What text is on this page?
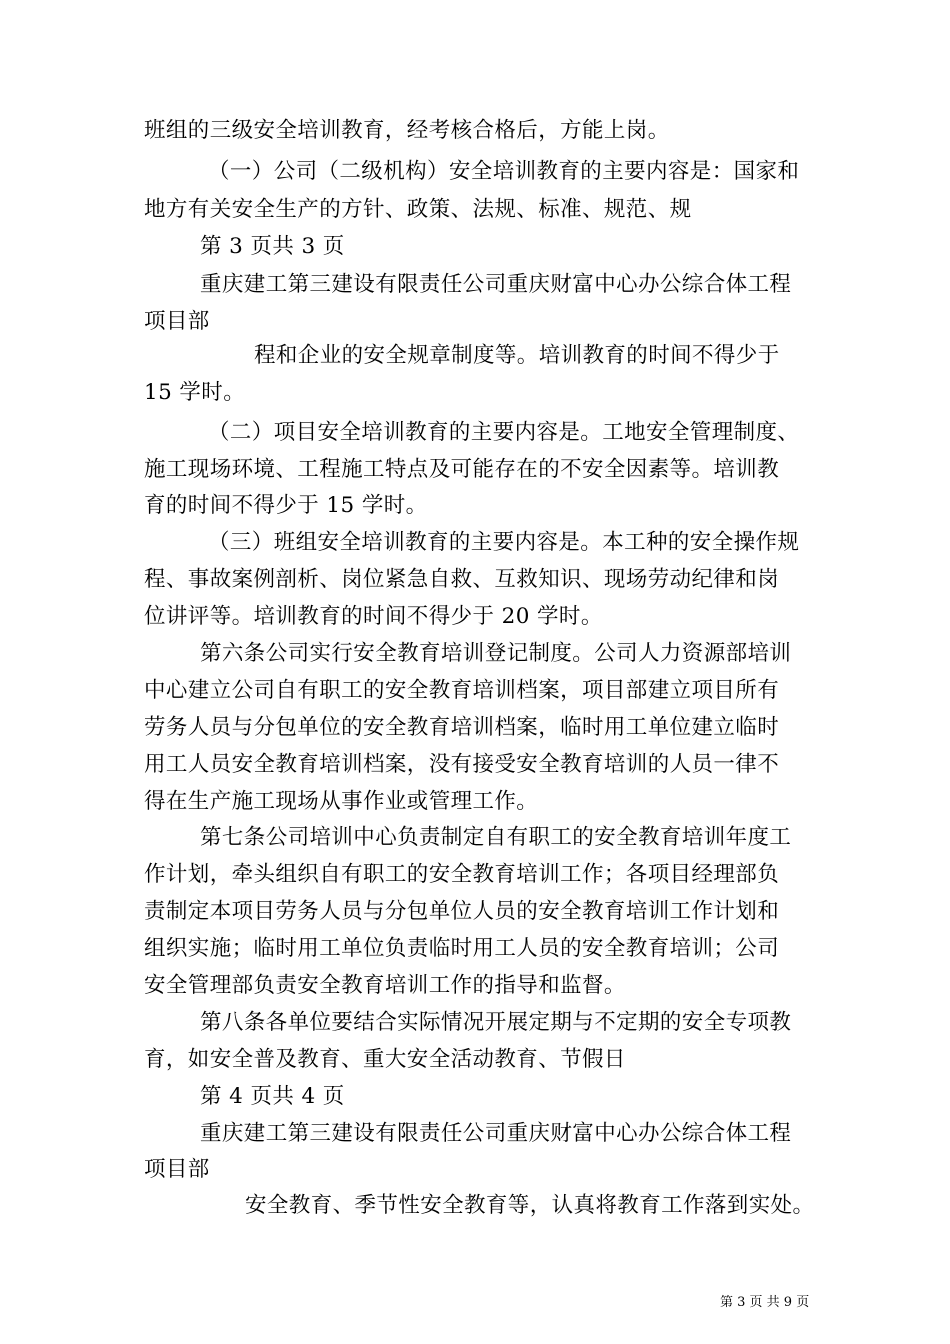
班组的三级安全培训教育，经考核合格后，方能上岗。
（一）公司（二级机构）安全培训教育的主要内容是：国家和
地方有关安全生产的方针、政策、法规、标准、规范、规
第 3 页共 3 页
重庆建工第三建设有限责任公司重庆财富中心办公综合体工程
项目部
程和企业的安全规章制度等。培训教育的时间不得少于
15 学时。
（二）项目安全培训教育的主要内容是。工地安全管理制度、
施工现场环境、工程施工特点及可能存在的不安全因素等。培训教
育的时间不得少于 15 学时。
（三）班组安全培训教育的主要内容是。本工种的安全操作规
程、事故案例剖析、岗位紧急自救、互救知识、现场劳动纪律和岗
位讲评等。培训教育的时间不得少于 20 学时。
第六条公司实行安全教育培训登记制度。公司人力资源部培训
中心建立公司自有职工的安全教育培训档案，项目部建立项目所有
劳务人员与分包单位的安全教育培训档案，临时用工单位建立临时
用工人员安全教育培训档案，没有接受安全教育培训的人员一律不
得在生产施工现场从事作业或管理工作。
第七条公司培训中心负责制定自有职工的安全教育培训年度工
作计划，牵头组织自有职工的安全教育培训工作；各项目经理部负
责制定本项目劳务人员与分包单位人员的安全教育培训工作计划和
组织实施；临时用工单位负责临时用工人员的安全教育培训；公司
安全管理部负责安全教育培训工作的指导和监督。
第八条各单位要结合实际情况开展定期与不定期的安全专项教
育，如安全普及教育、重大安全活动教育、节假日
第 4 页共 4 页
重庆建工第三建设有限责任公司重庆财富中心办公综合体工程
项目部
安全教育、季节性安全教育等，认真将教育工作落到实处。
第 3 页 共 9 页
